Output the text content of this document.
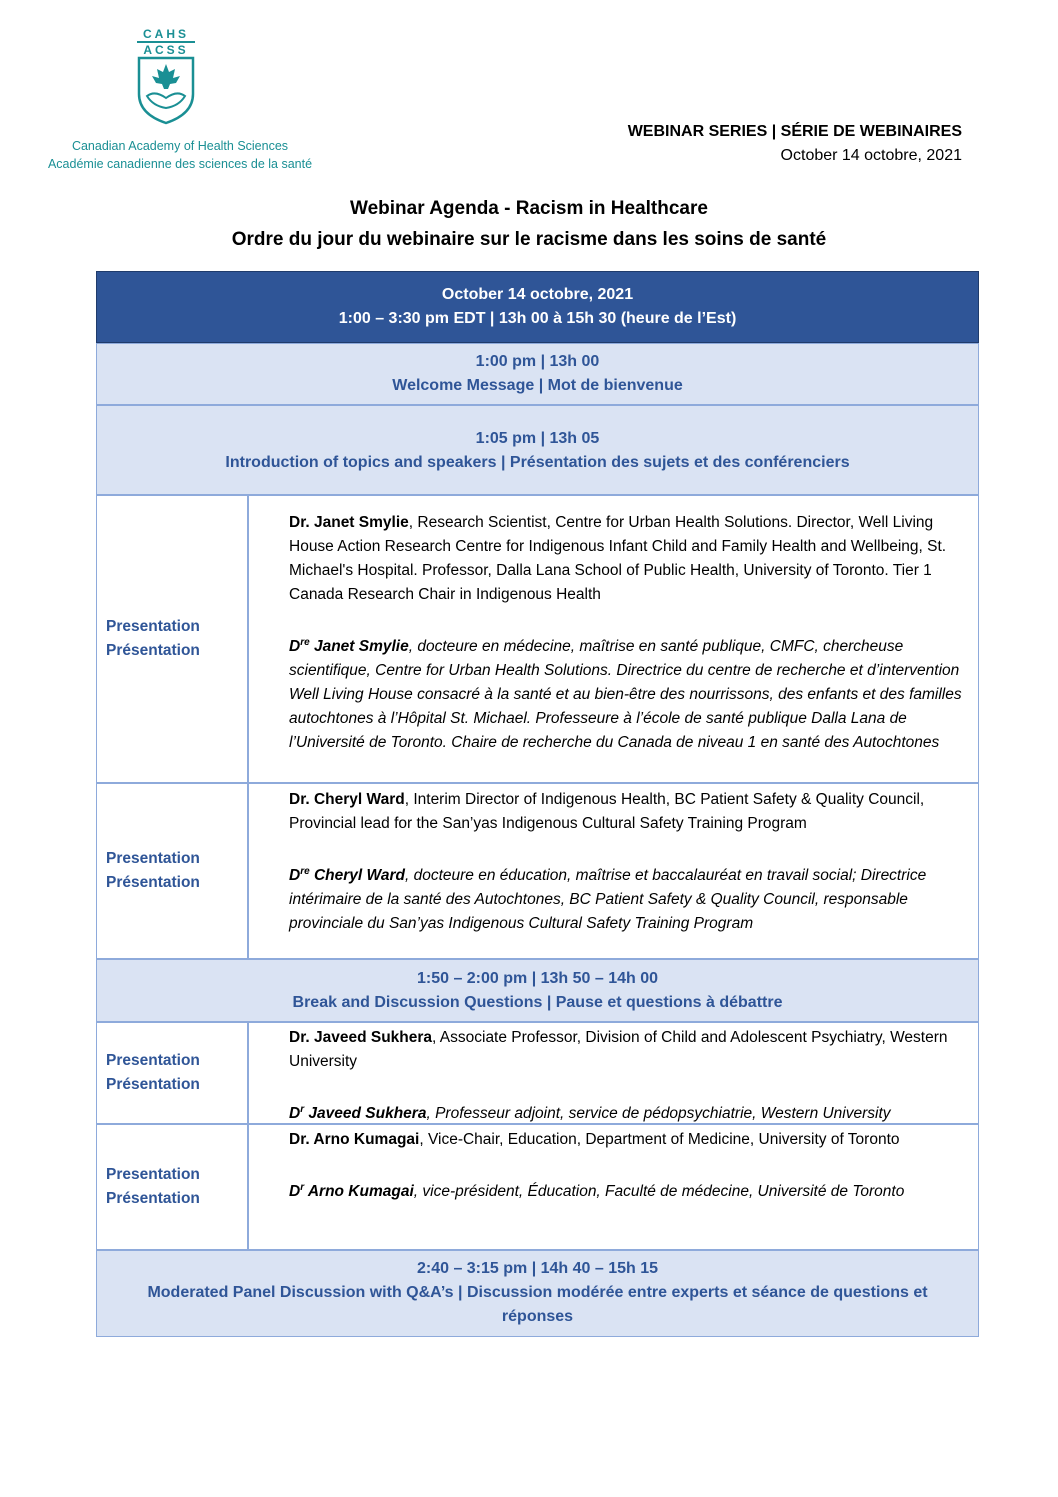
CAHS
ACSS
Canadian Academy of Health Sciences
Académie canadienne des sciences de la santé
WEBINAR SERIES | SÉRIE DE WEBINAIRES
October 14 octobre, 2021
Webinar Agenda - Racism in Healthcare
Ordre du jour du webinaire sur le racisme dans les soins de santé
October 14 octobre, 2021
1:00 – 3:30 pm EDT | 13h 00 à 15h 30 (heure de l’Est)
1:00 pm | 13h 00
Welcome Message | Mot de bienvenue
1:05 pm | 13h 05
Introduction of topics and speakers | Présentation des sujets et des conférenciers
Presentation
Présentation
Dr. Janet Smylie, Research Scientist, Centre for Urban Health Solutions. Director, Well Living House Action Research Centre for Indigenous Infant Child and Family Health and Wellbeing, St. Michael's Hospital. Professor, Dalla Lana School of Public Health, University of Toronto. Tier 1 Canada Research Chair in Indigenous Health
Dre Janet Smylie, docteure en médecine, maîtrise en santé publique, CMFC, chercheuse scientifique, Centre for Urban Health Solutions. Directrice du centre de recherche et d’intervention Well Living House consacré à la santé et au bien-être des nourrissons, des enfants et des familles autochtones à l’Hôpital St. Michael. Professeure à l’école de santé publique Dalla Lana de l’Université de Toronto. Chaire de recherche du Canada de niveau 1 en santé des Autochtones
Presentation
Présentation
Dr. Cheryl Ward, Interim Director of Indigenous Health, BC Patient Safety & Quality Council, Provincial lead for the San’yas Indigenous Cultural Safety Training Program
Dre Cheryl Ward, docteure en éducation, maîtrise et baccalauréat en travail social; Directrice intérimaire de la santé des Autochtones, BC Patient Safety & Quality Council, responsable provinciale du San’yas Indigenous Cultural Safety Training Program
1:50 – 2:00 pm | 13h 50 – 14h 00
Break and Discussion Questions | Pause et questions à débattre
Presentation
Présentation
Dr. Javeed Sukhera, Associate Professor, Division of Child and Adolescent Psychiatry, Western University
$D^r$ Javeed Sukhera, Professeur adjoint, service de pédopsychiatrie, Western University
Presentation
Présentation
Dr. Arno Kumagai, Vice-Chair, Education, Department of Medicine, University of Toronto
$D^r$ Arno Kumagai, vice-président, Éducation, Faculté de médecine, Université de Toronto
2:40 – 3:15 pm | 14h 40 – 15h 15
Moderated Panel Discussion with Q&A’s | Discussion modérée entre experts et séance de questions et réponses
